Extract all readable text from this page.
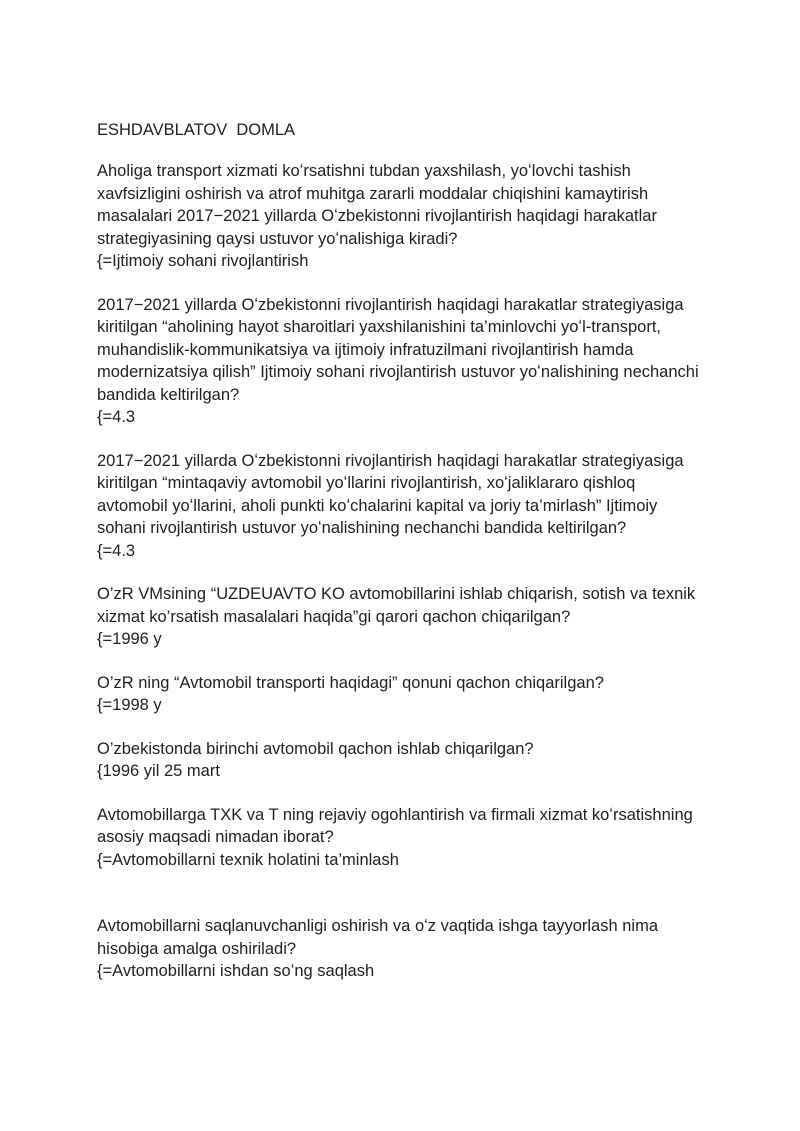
ESHDAVBLATOV  DOMLA

Aholiga transport xizmati koʻrsatishni tubdan yaxshilash, yoʻlovchi tashish xavfsizligini oshirish va atrof muhitga zararli moddalar chiqishini kamaytirish masalalari 2017−2021 yillarda Oʻzbekistonni rivojlantirish haqidagi harakatlar strategiyasining qaysi ustuvor yoʻnalishiga kiradi?

{=Ijtimoiy sohani rivojlantirish

2017−2021 yillarda Oʻzbekistonni rivojlantirish haqidagi harakatlar strategiyasiga kiritilgan “aholining hayot sharoitlari yaxshilanishini ta’minlovchi yoʻl-transport, muhandislik-kommunikatsiya va ijtimoiy infratuzilmani rivojlantirish hamda modernizatsiya qilish” Ijtimoiy sohani rivojlantirish ustuvor yoʻnalishining nechanchi bandida keltirilgan?

{=4.3

2017−2021 yillarda Oʻzbekistonni rivojlantirish haqidagi harakatlar strategiyasiga kiritilgan “mintaqaviy avtomobil yoʻllarini rivojlantirish, xoʻjaliklararo qishloq avtomobil yoʻllarini, aholi punkti koʻchalarini kapital va joriy ta’mirlash” Ijtimoiy sohani rivojlantirish ustuvor yoʻnalishining nechanchi bandida keltirilgan?

{=4.3

O’zR VMsining “UZDEUAVTO KO avtomobillarini ishlab chiqarish, sotish va texnik xizmat ko’rsatish masalalari haqida”gi qarori qachon chiqarilgan?

{=1996 y

O’zR ning “Avtomobil transporti haqidagi” qonuni qachon chiqarilgan?

{=1998 y

O’zbekistonda birinchi avtomobil qachon ishlab chiqarilgan?

{1996 yil 25 mart

Avtomobillarga TXK va T ning rejaviy ogohlantirish va firmali xizmat koʻrsatishning asosiy maqsadi nimadan iborat?

{=Avtomobillarni texnik holatini ta’minlash

Avtomobillarni saqlanuvchanligi oshirish va oʻz vaqtida ishga tayyorlash nima hisobiga amalga oshiriladi?

{=Avtomobillarni ishdan soʻng saqlash
